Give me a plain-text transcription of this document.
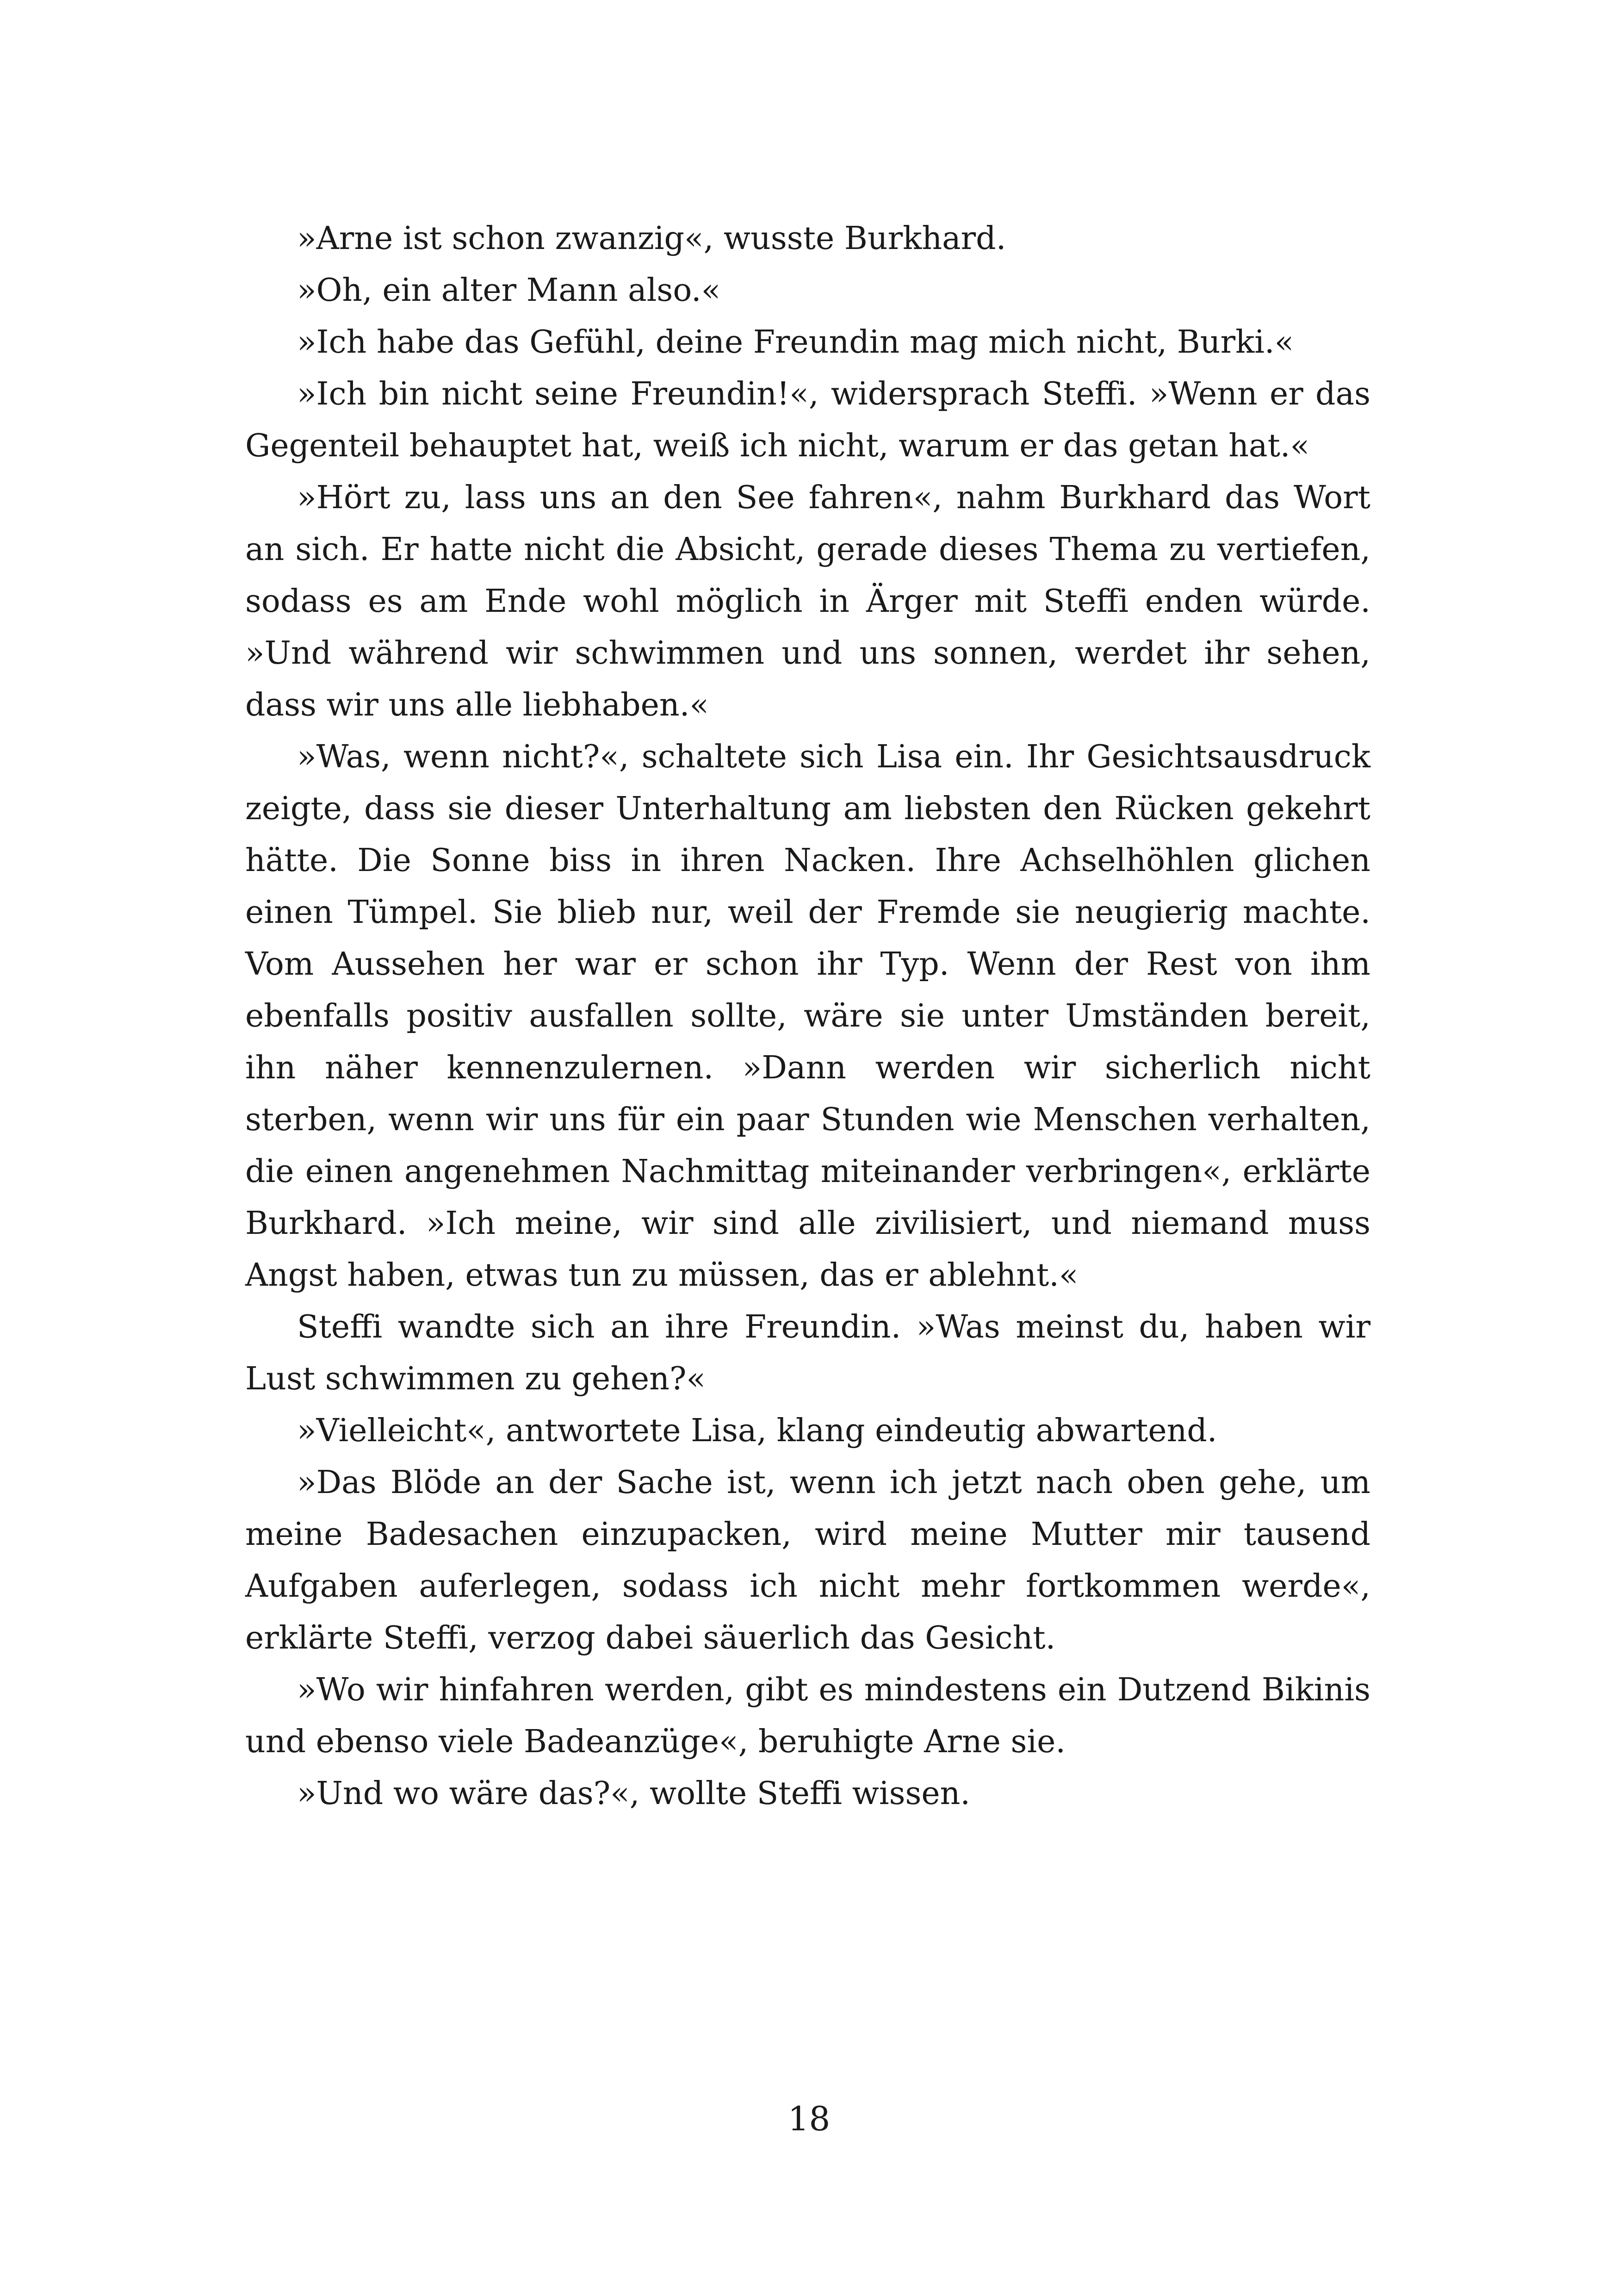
»Arne ist schon zwanzig«, wusste Burkhard.

»Oh, ein alter Mann also.«

»Ich habe das Gefühl, deine Freundin mag mich nicht, Burki.«

»Ich bin nicht seine Freundin!«, widersprach Steffi. »Wenn er das Gegenteil behauptet hat, weiß ich nicht, warum er das getan hat.«

»Hört zu, lass uns an den See fahren«, nahm Burkhard das Wort an sich. Er hatte nicht die Absicht, gerade dieses Thema zu vertiefen, sodass es am Ende wohl möglich in Ärger mit Steffi enden würde. »Und während wir schwimmen und uns sonnen, werdet ihr sehen, dass wir uns alle liebhaben.«

»Was, wenn nicht?«, schaltete sich Lisa ein. Ihr Gesichtsausdruck zeigte, dass sie dieser Unterhaltung am liebsten den Rücken gekehrt hätte. Die Sonne biss in ihren Nacken. Ihre Achselhöhlen glichen einen Tümpel. Sie blieb nur, weil der Fremde sie neugierig machte. Vom Aussehen her war er schon ihr Typ. Wenn der Rest von ihm ebenfalls positiv ausfallen sollte, wäre sie unter Umständen bereit, ihn näher kennenzulernen. »Dann werden wir sicherlich nicht sterben, wenn wir uns für ein paar Stunden wie Menschen verhalten, die einen angenehmen Nachmittag miteinander verbringen«, erklärte Burkhard. »Ich meine, wir sind alle zivilisiert, und niemand muss Angst haben, etwas tun zu müssen, das er ablehnt.«

Steffi wandte sich an ihre Freundin. »Was meinst du, haben wir Lust schwimmen zu gehen?«

»Vielleicht«, antwortete Lisa, klang eindeutig abwartend.

»Das Blöde an der Sache ist, wenn ich jetzt nach oben gehe, um meine Badesachen einzupacken, wird meine Mutter mir tausend Aufgaben auferlegen, sodass ich nicht mehr fortkommen werde«, erklärte Steffi, verzog dabei säuerlich das Gesicht.

»Wo wir hinfahren werden, gibt es mindestens ein Dutzend Bikinis und ebenso viele Badeanzüge«, beruhigte Arne sie.

»Und wo wäre das?«, wollte Steffi wissen.

18
